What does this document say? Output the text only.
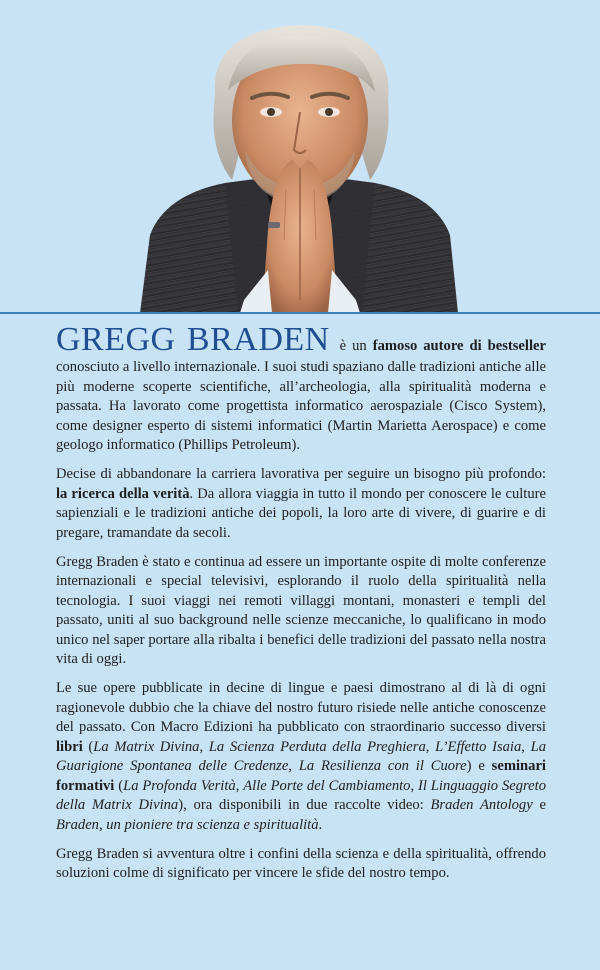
GREGG BRADEN è un famoso autore di bestseller conosciuto a livello internazionale. I suoi studi spaziano dalle tradizioni antiche alle più moderne scoperte scientifiche, all’archeologia, alla spiritualità moderna e passata. Ha lavorato come progettista informatico aerospaziale (Cisco System), come designer esperto di sistemi informatici (Martin Marietta Aerospace) e come geologo informatico (Phillips Petroleum).

Decise di abbandonare la carriera lavorativa per seguire un bisogno più profondo: la ricerca della verità. Da allora viaggia in tutto il mondo per conoscere le culture sapienziali e le tradizioni antiche dei popoli, la loro arte di vivere, di guarire e di pregare, tramandate da secoli.

Gregg Braden è stato e continua ad essere un importante ospite di molte conferenze internazionali e special televisivi, esplorando il ruolo della spiritualità nella tecnologia. I suoi viaggi nei remoti villaggi montani, monasteri e templi del passato, uniti al suo background nelle scienze meccaniche, lo qualificano in modo unico nel saper portare alla ribalta i benefici delle tradizioni del passato nella nostra vita di oggi.

Le sue opere pubblicate in decine di lingue e paesi dimostrano al di là di ogni ragionevole dubbio che la chiave del nostro futuro risiede nelle antiche conoscenze del passato. Con Macro Edizioni ha pubblicato con straordinario successo diversi libri (La Matrix Divina, La Scienza Perduta della Preghiera, L’Effetto Isaia, La Guarigione Spontanea delle Credenze, La Resilienza con il Cuore) e seminari formativi (La Profonda Verità, Alle Porte del Cambiamento, Il Linguaggio Segreto della Matrix Divina), ora disponibili in due raccolte video: Braden Antology e Braden, un pioniere tra scienza e spiritualità.

Gregg Braden si avventura oltre i confini della scienza e della spiritualità, offrendo soluzioni colme di significato per vincere le sfide del nostro tempo.
